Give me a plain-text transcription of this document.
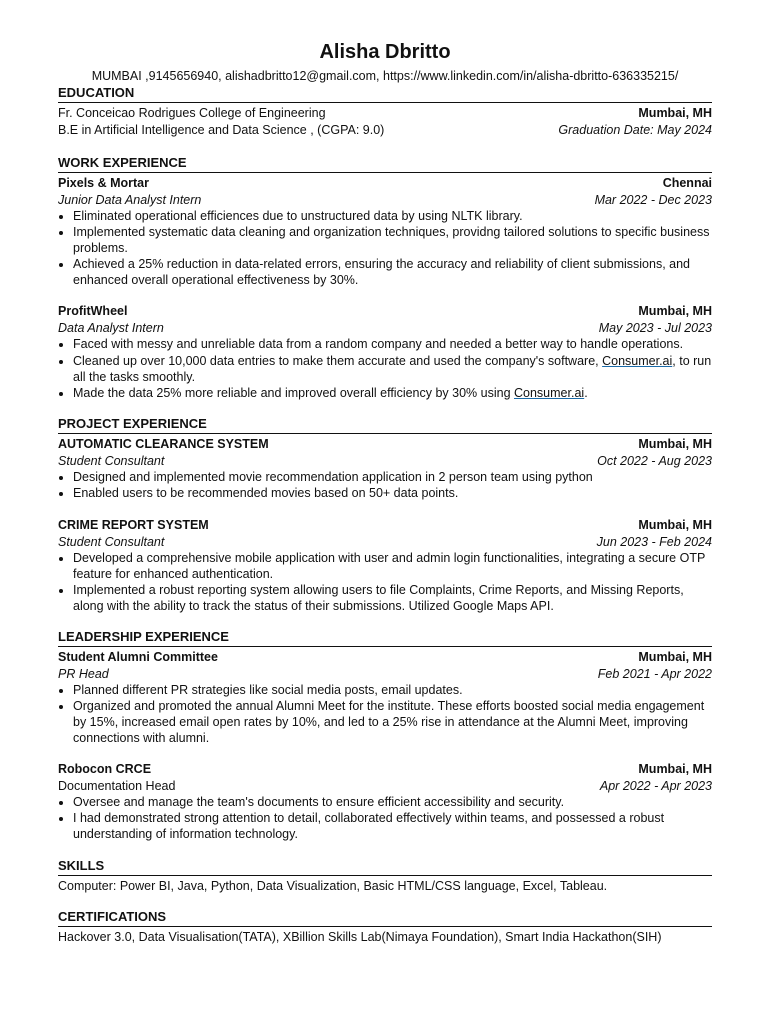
Alisha Dbritto
MUMBAI ,9145656940, alishadbritto12@gmail.com, https://www.linkedin.com/in/alisha-dbritto-636335215/
EDUCATION
Fr. Conceicao Rodrigues College of Engineering	Mumbai, MH
B.E in Artificial Intelligence and Data Science , (CGPA: 9.0)	Graduation Date: May 2024
WORK EXPERIENCE
Pixels & Mortar	Chennai
Junior Data Analyst Intern	Mar 2022 - Dec 2023
• Eliminated operational efficiences due to unstructured data by using NLTK library.
• Implemented systematic data cleaning and organization techniques, providng tailored solutions to specific business problems.
• Achieved a 25% reduction in data-related errors, ensuring the accuracy and reliability of client submissions, and enhanced overall operational effectiveness by 30%.
ProfitWheel	Mumbai, MH
Data Analyst Intern	May 2023 - Jul 2023
• Faced with messy and unreliable data from a random company and needed a better way to handle operations.
• Cleaned up over 10,000 data entries to make them accurate and used the company's software, Consumer.ai, to run all the tasks smoothly.
• Made the data 25% more reliable and improved overall efficiency by 30% using Consumer.ai.
PROJECT EXPERIENCE
AUTOMATIC CLEARANCE SYSTEM	Mumbai, MH
Student Consultant	Oct 2022 - Aug 2023
• Designed and implemented movie recommendation application in 2 person team using python
• Enabled users to be recommended movies based on 50+ data points.
CRIME REPORT SYSTEM	Mumbai, MH
Student Consultant	Jun 2023 - Feb 2024
• Developed a comprehensive mobile application with user and admin login functionalities, integrating a secure OTP feature for enhanced authentication.
• Implemented a robust reporting system allowing users to file Complaints, Crime Reports, and Missing Reports, along with the ability to track the status of their submissions. Utilized Google Maps API.
LEADERSHIP EXPERIENCE
Student Alumni Committee	Mumbai, MH
PR Head	Feb 2021 - Apr 2022
• Planned different PR strategies like social media posts, email updates.
• Organized and promoted the annual Alumni Meet for the institute. These efforts boosted social media engagement by 15%, increased email open rates by 10%, and led to a 25% rise in attendance at the Alumni Meet, improving connections with alumni.
Robocon CRCE	Mumbai, MH
Documentation Head	Apr 2022 - Apr 2023
• Oversee and manage the team's documents to ensure efficient accessibility and security.
• I had demonstrated strong attention to detail, collaborated effectively within teams, and possessed a robust understanding of information technology.
SKILLS
Computer: Power BI, Java, Python, Data Visualization, Basic HTML/CSS language, Excel, Tableau.
CERTIFICATIONS
Hackover 3.0, Data Visualisation(TATA), XBillion Skills Lab(Nimaya Foundation), Smart India Hackathon(SIH)
